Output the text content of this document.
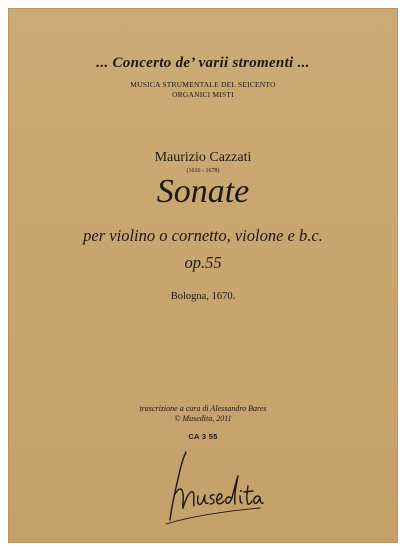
... Concerto de’ varii stromenti ...
MUSICA STRUMENTALE DEL SEICENTO
ORGANICI MISTI
Maurizio Cazzati
(1616 - 1678)
Sonate
per violino o cornetto, violone e b.c.
op.55
Bologna, 1670.
trascrizione a cura di Alessandro Bares
© Musedita, 2011
CA 3 55
